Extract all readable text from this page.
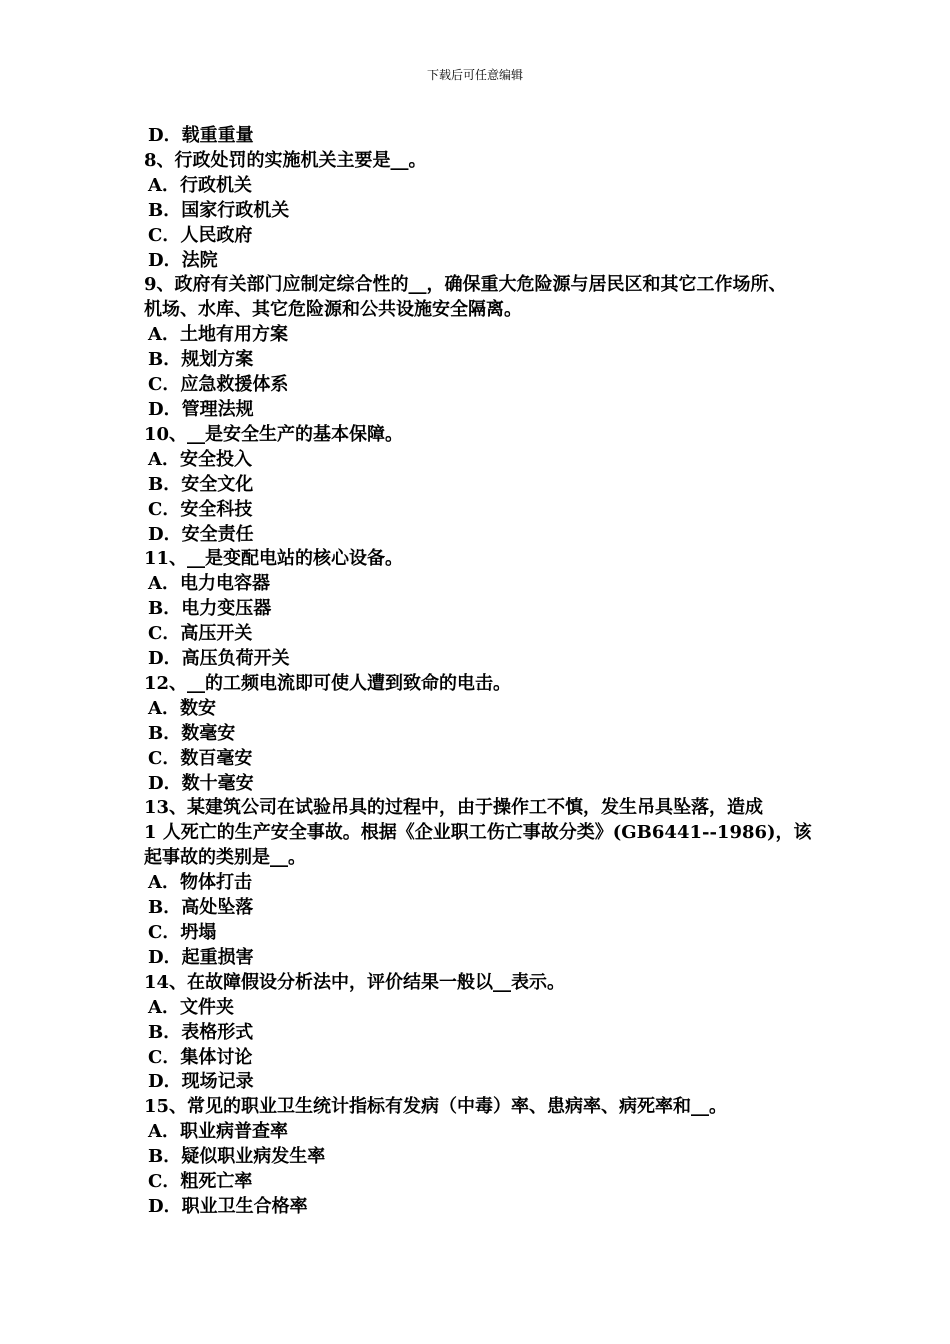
下载后可任意编辑
D．载重重量
8、行政处罚的实施机关主要是__。
A．行政机关
B．国家行政机关
C．人民政府
D．法院
9、政府有关部门应制定综合性的__，确保重大危险源与居民区和其它工作场所、
机场、水库、其它危险源和公共设施安全隔离。
A．土地有用方案
B．规划方案
C．应急救援体系
D．管理法规
10、__是安全生产的基本保障。
A．安全投入
B．安全文化
C．安全科技
D．安全责任
11、__是变配电站的核心设备。
A．电力电容器
B．电力变压器
C．高压开关
D．高压负荷开关
12、__的工频电流即可使人遭到致命的电击。
A．数安
B．数毫安
C．数百毫安
D．数十毫安
13、某建筑公司在试验吊具的过程中，由于操作工不慎，发生吊具坠落，造成
1 人死亡的生产安全事故。根据《企业职工伤亡事故分类》(GB6441--1986)，该
起事故的类别是__。
A．物体打击
B．高处坠落
C．坍塌
D．起重损害
14、在故障假设分析法中，评价结果一般以__表示。
A．文件夹
B．表格形式
C．集体讨论
D．现场记录
15、常见的职业卫生统计指标有发病（中毒）率、患病率、病死率和__。
A．职业病普查率
B．疑似职业病发生率
C．粗死亡率
D．职业卫生合格率
